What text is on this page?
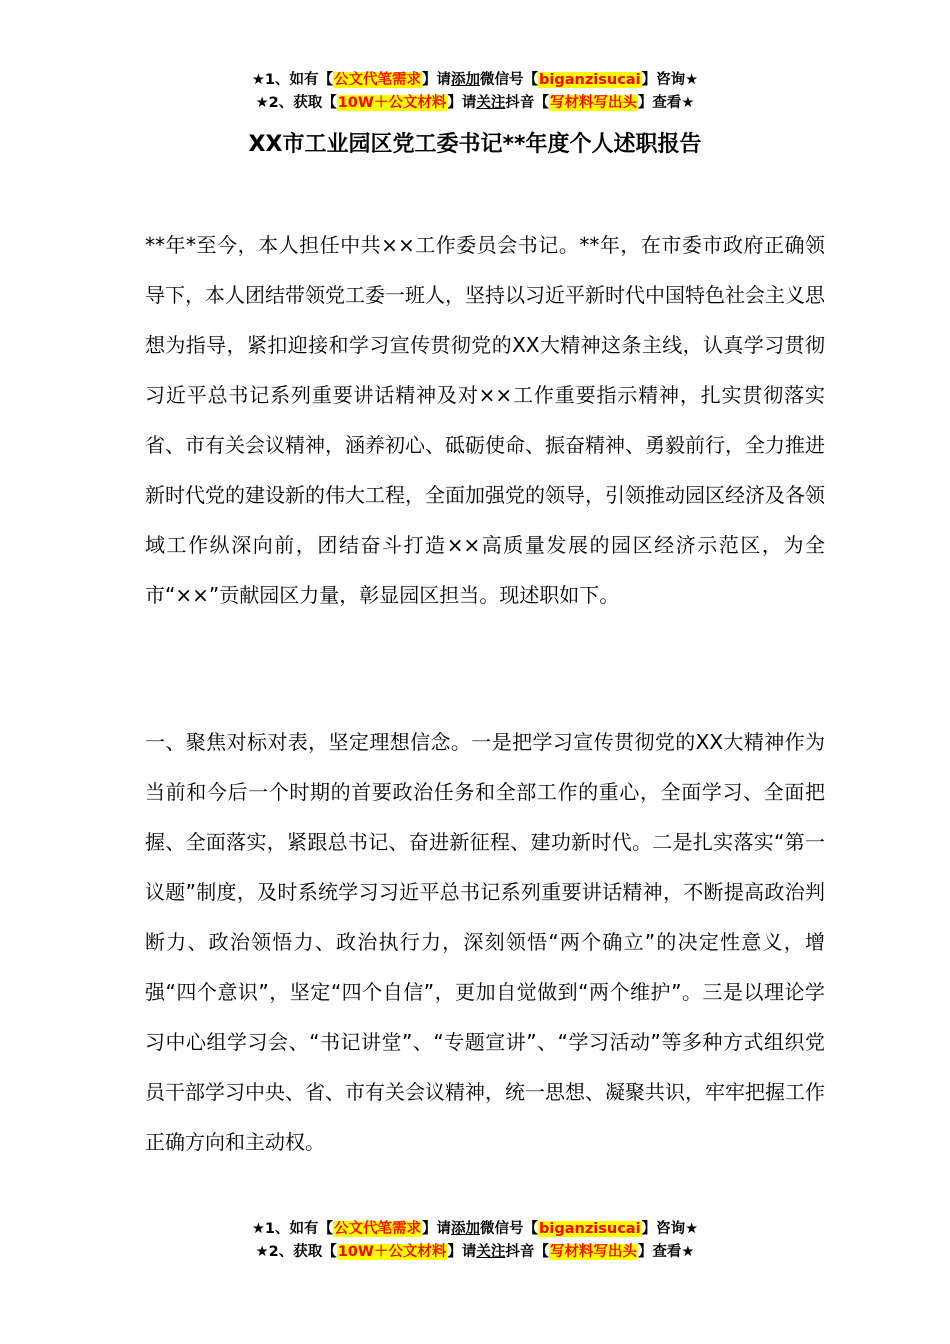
★1、如有【公文代笔需求】请添加微信号【biganzisucai】咨询★
★2、获取【10W＋公文材料】请关注抖音【写材料写出头】查看★
XX市工业园区党工委书记**年度个人述职报告
**年*至今，本人担任中共××工作委员会书记。**年，在市委市政府正确领导下，本人团结带领党工委一班人，坚持以习近平新时代中国特色社会主义思想为指导，紧扣迎接和学习宣传贯彻党的XX大精神这条主线，认真学习贯彻习近平总书记系列重要讲话精神及对××工作重要指示精神，扎实贯彻落实省、市有关会议精神，涵养初心、砥砺使命、振奋精神、勇毅前行，全力推进新时代党的建设新的伟大工程，全面加强党的领导，引领推动园区经济及各领域工作纵深向前，团结奋斗打造××高质量发展的园区经济示范区，为全市“××”贡献园区力量，彰显园区担当。现述职如下。
一、聚焦对标对表，坚定理想信念。一是把学习宣传贯彻党的XX大精神作为当前和今后一个时期的首要政治任务和全部工作的重心，全面学习、全面把握、全面落实，紧跟总书记、奋进新征程、建功新时代。二是扎实落实“第一议题”制度，及时系统学习习近平总书记系列重要讲话精神，不断提高政治判断力、政治领悟力、政治执行力，深刻领悟“两个确立”的决定性意义，增强“四个意识”，坚定“四个自信”，更加自觉做到“两个维护”。三是以理论学习中心组学习会、“书记讲堂”、“专题宣讲”、“学习活动”等多种方式组织党员干部学习中央、省、市有关会议精神，统一思想、凝聚共识，牢牢把握工作正确方向和主动权。
★1、如有【公文代笔需求】请添加微信号【biganzisucai】咨询★
★2、获取【10W＋公文材料】请关注抖音【写材料写出头】查看★
